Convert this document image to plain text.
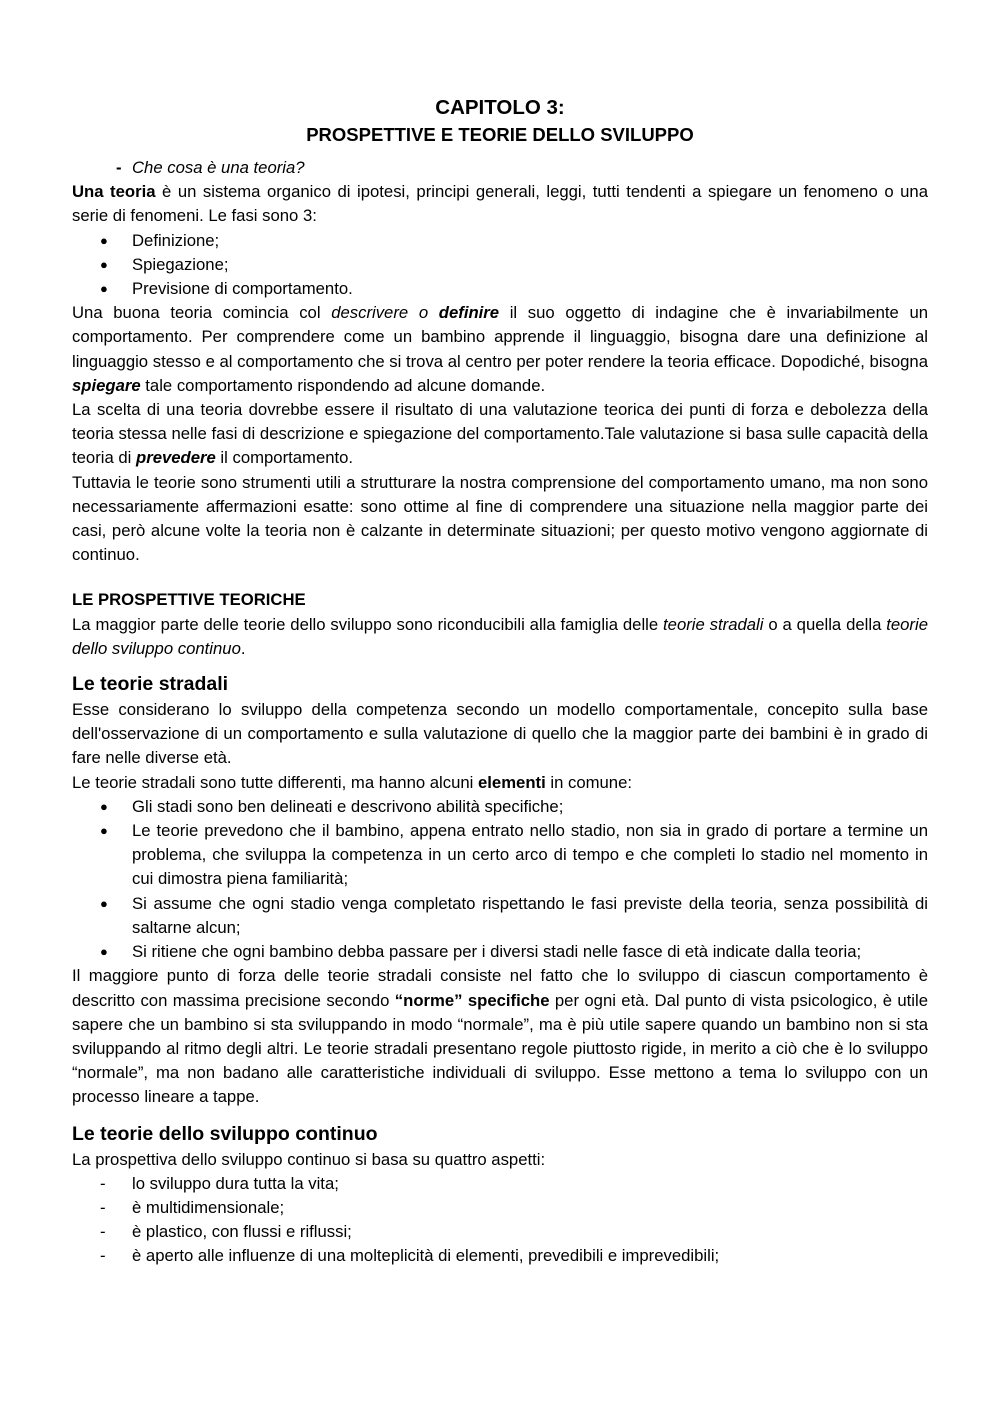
CAPITOLO 3:
PROSPETTIVE E TEORIE DELLO SVILUPPO
- Che cosa è una teoria?

Una teoria è un sistema organico di ipotesi, principi generali, leggi, tutti tendenti a spiegare un fenomeno o una serie di fenomeni. Le fasi sono 3:

● Definizione;
● Spiegazione;
● Previsione di comportamento.

Una buona teoria comincia col descrivere o definire il suo oggetto di indagine che è invariabilmente un comportamento. Per comprendere come un bambino apprende il linguaggio, bisogna dare una definizione al linguaggio stesso e al comportamento che si trova al centro per poter rendere la teoria efficace. Dopodiché, bisogna spiegare tale comportamento rispondendo ad alcune domande.

La scelta di una teoria dovrebbe essere il risultato di una valutazione teorica dei punti di forza e debolezza della teoria stessa nelle fasi di descrizione e spiegazione del comportamento.Tale valutazione si basa sulle capacità della teoria di prevedere il comportamento.

Tuttavia le teorie sono strumenti utili a strutturare la nostra comprensione del comportamento umano, ma non sono necessariamente affermazioni esatte: sono ottime al fine di comprendere una situazione nella maggior parte dei casi, però alcune volte la teoria non è calzante in determinate situazioni; per questo motivo vengono aggiornate di continuo.

LE PROSPETTIVE TEORICHE

La maggior parte delle teorie dello sviluppo sono riconducibili alla famiglia delle teorie stradali o a quella della teorie dello sviluppo continuo.

Le teorie stradali

Esse considerano lo sviluppo della competenza secondo un modello comportamentale, concepito sulla base dell'osservazione di un comportamento e sulla valutazione di quello che la maggior parte dei bambini è in grado di fare nelle diverse età.

Le teorie stradali sono tutte differenti, ma hanno alcuni elementi in comune:

● Gli stadi sono ben delineati e descrivono abilità specifiche;
● Le teorie prevedono che il bambino, appena entrato nello stadio, non sia in grado di portare a termine un problema, che sviluppa la competenza in un certo arco di tempo e che completi lo stadio nel momento in cui dimostra piena familiarità;
● Si assume che ogni stadio venga completato rispettando le fasi previste della teoria, senza possibilità di saltarne alcun;
● Si ritiene che ogni bambino debba passare per i diversi stadi nelle fasce di età indicate dalla teoria;

Il maggiore punto di forza delle teorie stradali consiste nel fatto che lo sviluppo di ciascun comportamento è descritto con massima precisione secondo “norme” specifiche per ogni età. Dal punto di vista psicologico, è utile sapere che un bambino si sta sviluppando in modo “normale”, ma è più utile sapere quando un bambino non si sta sviluppando al ritmo degli altri. Le teorie stradali presentano regole piuttosto rigide, in merito a ciò che è lo sviluppo “normale”, ma non badano alle caratteristiche individuali di sviluppo. Esse mettono a tema lo sviluppo con un processo lineare a tappe.

Le teorie dello sviluppo continuo

La prospettiva dello sviluppo continuo si basa su quattro aspetti:

- lo sviluppo dura tutta la vita;
- è multidimensionale;
- è plastico, con flussi e riflussi;
- è aperto alle influenze di una molteplicità di elementi, prevedibili e imprevedibili;
